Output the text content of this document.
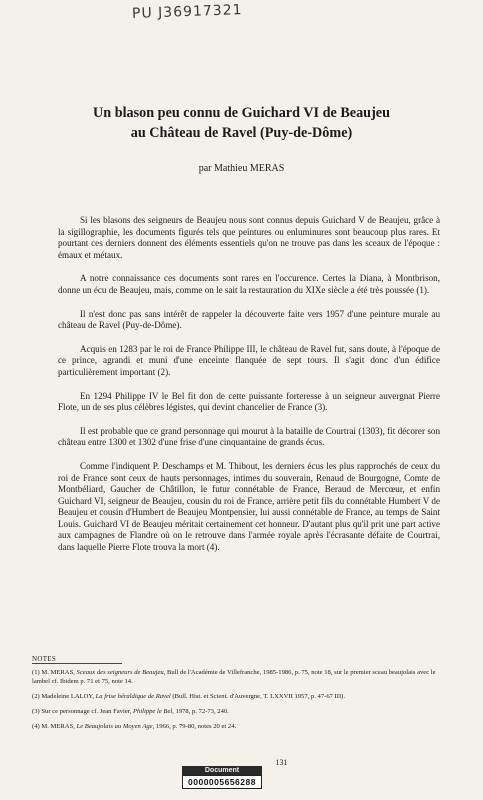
PU J36917321
Un blason peu connu de Guichard VI de Beaujeu
au Château de Ravel (Puy-de-Dôme)
par Mathieu MERAS

Si les blasons des seigneurs de Beaujeu nous sont connus depuis Guichard V de Beaujeu, grâce à la sigillographie, les documents figurés tels que peintures ou enluminures sont beaucoup plus rares. Et pourtant ces derniers donnent des éléments essentiels qu'on ne trouve pas dans les sceaux de l'époque : émaux et métaux.

A notre connaissance ces documents sont rares en l'occurence. Certes la Diana, à Montbrison, donne un écu de Beaujeu, mais, comme on le sait la restauration du XIXe siècle a été très poussée (1).

Il n'est donc pas sans intérêt de rappeler la découverte faite vers 1957 d'une peinture murale au château de Ravel (Puy-de-Dôme).

Acquis en 1283 par le roi de France Philippe III, le château de Ravel fut, sans doute, à l'époque de ce prince, agrandi et muni d'une enceinte flanquée de sept tours. Il s'agit donc d'un édifice particulièrement important (2).

En 1294 Philippe IV le Bel fit don de cette puissante forteresse à un seigneur auvergnat Pierre Flote, un de ses plus célèbres légistes, qui devint chancelier de France (3).

Il est probable que ce grand personnage qui mourut à la bataille de Courtrai (1303), fit décorer son château entre 1300 et 1302 d'une frise d'une cinquantaine de grands écus.

Comme l'indiquent P. Deschamps et M. Thibout, les derniers écus les plus rapprochés de ceux du roi de France sont ceux de hauts personnages, intimes du souverain, Renaud de Bourgogne, Comte de Montbéliard, Gaucher de Châtillon, le futur connétable de France, Beraud de Mercœur, et enfin Guichard VI, seigneur de Beaujeu, cousin du roi de France, arrière petit fils du connétable Humbert V de Beaujeu et cousin d'Humbert de Beaujeu Montpensier, lui aussi connétable de France, au temps de Saint Louis. Guichard VI de Beaujeu méritait certainement cet honneur. D'autant plus qu'il prit une part active aux campagnes de Flandre où on le retrouve dans l'armée royale après l'écrasante défaite de Courtrai, dans laquelle Pierre Flote trouva la mort (4).

NOTES
(1) M. MERAS, Sceaux des seigneurs de Beaujeu, Bull de l'Académie de Villefranche, 1985-1986, p. 75, note 18, sur le premier sceau beaujolais avec le lambel cf. Ibidem p. 71 et 75, note 14.
(2) Madeleine LALOY, La frise héraldique de Ravel (Bull. Hist. et Scient. d'Auvergne, T. LXXVII 1957, p. 47-67 III).
(3) Sur ce personnage cf. Jean Favier, Philippe le Bel, 1978, p. 72-73, 240.
(4) M. MERAS, Le Beaujolais au Moyen Age, 1966, p. 79-80, notes 20 et 24.
131
Document
0000005656288
